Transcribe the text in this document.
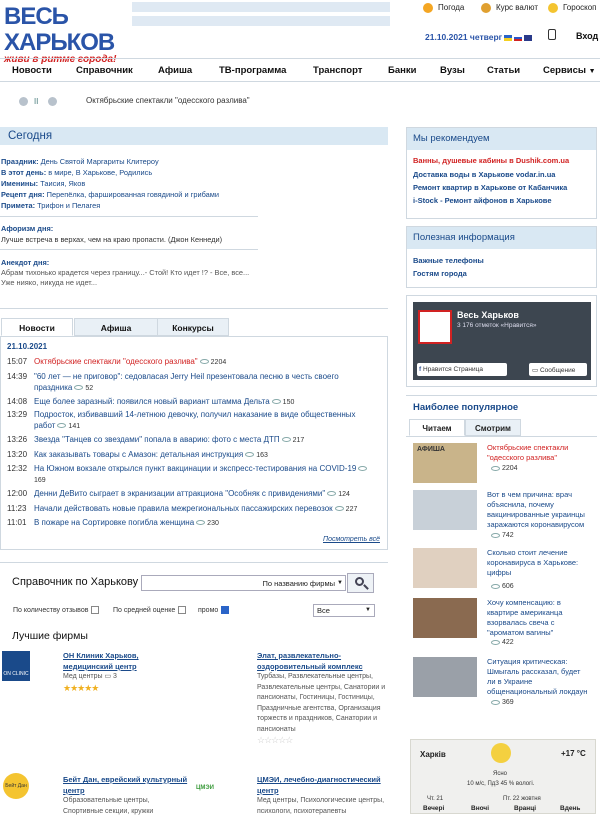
ВЕСЬ ХАРЬКОВ
живи в ритме города!
Погода	Курс валют	Гороскоп
21.10.2021 четверг	Вход
Новости	Справочник	Афиша	ТВ-программа	Транспорт	Банки Вузы Статьи Сервисы ▼
II	Октябрьские спектакли "одесского разлива"
Сегодня
Праздник: День Святой Маргариты Клитерoу
В этот день: в мире, В Харькове, Родились
Именины: Таисия, Яков
Рецепт дня: Перепёлка, фаршированная говядиной и грибами
Примета: Трифон и Пелагея
Афоризм дня:
Лучше встреча в верхах, чем на краю пропасти. (Джон Кеннеди)
Анекдот дня:
Абрам тихонько крадется через границу...- Стой! Кто идет !? - Все, все... Уже нияко, никуда не идет...
Новости	Афиша	Конкурсы
21.10.2021
15:07 Октябрьские спектакли "одесского разлива" 2204
14:39 "60 лет — не приговор": седовласая Jerry Heil презентовала песню в честь своего праздника 52
14:08 Еще более заразный: появился новый вариант штамма Дельта 150
13:29 Подросток, избивавший 14-летнюю девочку, получил наказание в виде общественных работ 141
13:26 Звезда "Танцев со звездами" попала в аварию: фото с места ДТП 217
13:20 Как заказывать товары с Амазон: детальная инструкция 163
12:32 На Южном вокзале открылся пункт вакцинации и экспресс-тестирования на COVID-19169
12:00 Денни ДеВито сыграет в экранизации аттракциона "Особняк с привидениями" 124
11:23 Начали действовать новые правила межрегиональных пассажирских перевозок 227
11:01 В пожаре на Сортировке погибла женщина 230
Посмотреть всё
Справочник по Харькову	По названию фирмы ▼
По количеству отзывов	По средней оценке	промо	Все	▼
Лучшие фирмы
ON CLINIC
Бейт Дан	ЦМЭИ
ОН Клиник Харьков, медицинский центр
Мед центры ▭ 3
★★★★★
Элат, развлекательно-оздоровительный комплекс
Турбазы, Развлекательные центры, Развлекательные центры, Санатории и пансионаты, Гостиницы, Гостиницы, Праздничные агентства, Организация торжеств и праздников, Санатории и пансионаты
☆☆☆☆☆
Бейт Дан, еврейский культурный центр
Образовательные центры, Спортивные секции, кружки
ЦМЭИ, лечебно-диагностический центр
Мед центры, Психологические центры, психологи, психотерапевты
Мы рекомендуем
Ванны, душевые кабины в Dushik.com.ua
Доставка воды в Харькове vodar.in.ua
Ремонт квартир в Харькове от Кабанчика
i-Stock - Ремонт айфонов в Харькове
Полезная информация
Важные телефоны
Гостям города
Весь Харьков
3 176 отметок «Нравится»
f Нравится Страница	▭ Сообщение
Наиболее популярное
Читаем	Смотрим
АФИША	Октябрьские спектакли "одесского разлива"
2204
Вот в чем причина: врач объяснила, почему вакцинированные украинцы заражаются коронавирусом
742
Сколько стоит лечение коронавируса в Харькове: цифры
606
Хочу компенсацию: в квартире американца взорвалась свеча с "ароматом вагины"
422
Ситуация критическая: Шмыгаль рассказал, будет ли в Украине общенациональный локдаун
369
Харків	+17 °C
Ясно
10 м/с, ПдЗ 45 % вологі.
Чт. 21	Пт. 22 жовтня
Вечері	Вночі	Вранці	Вдень
